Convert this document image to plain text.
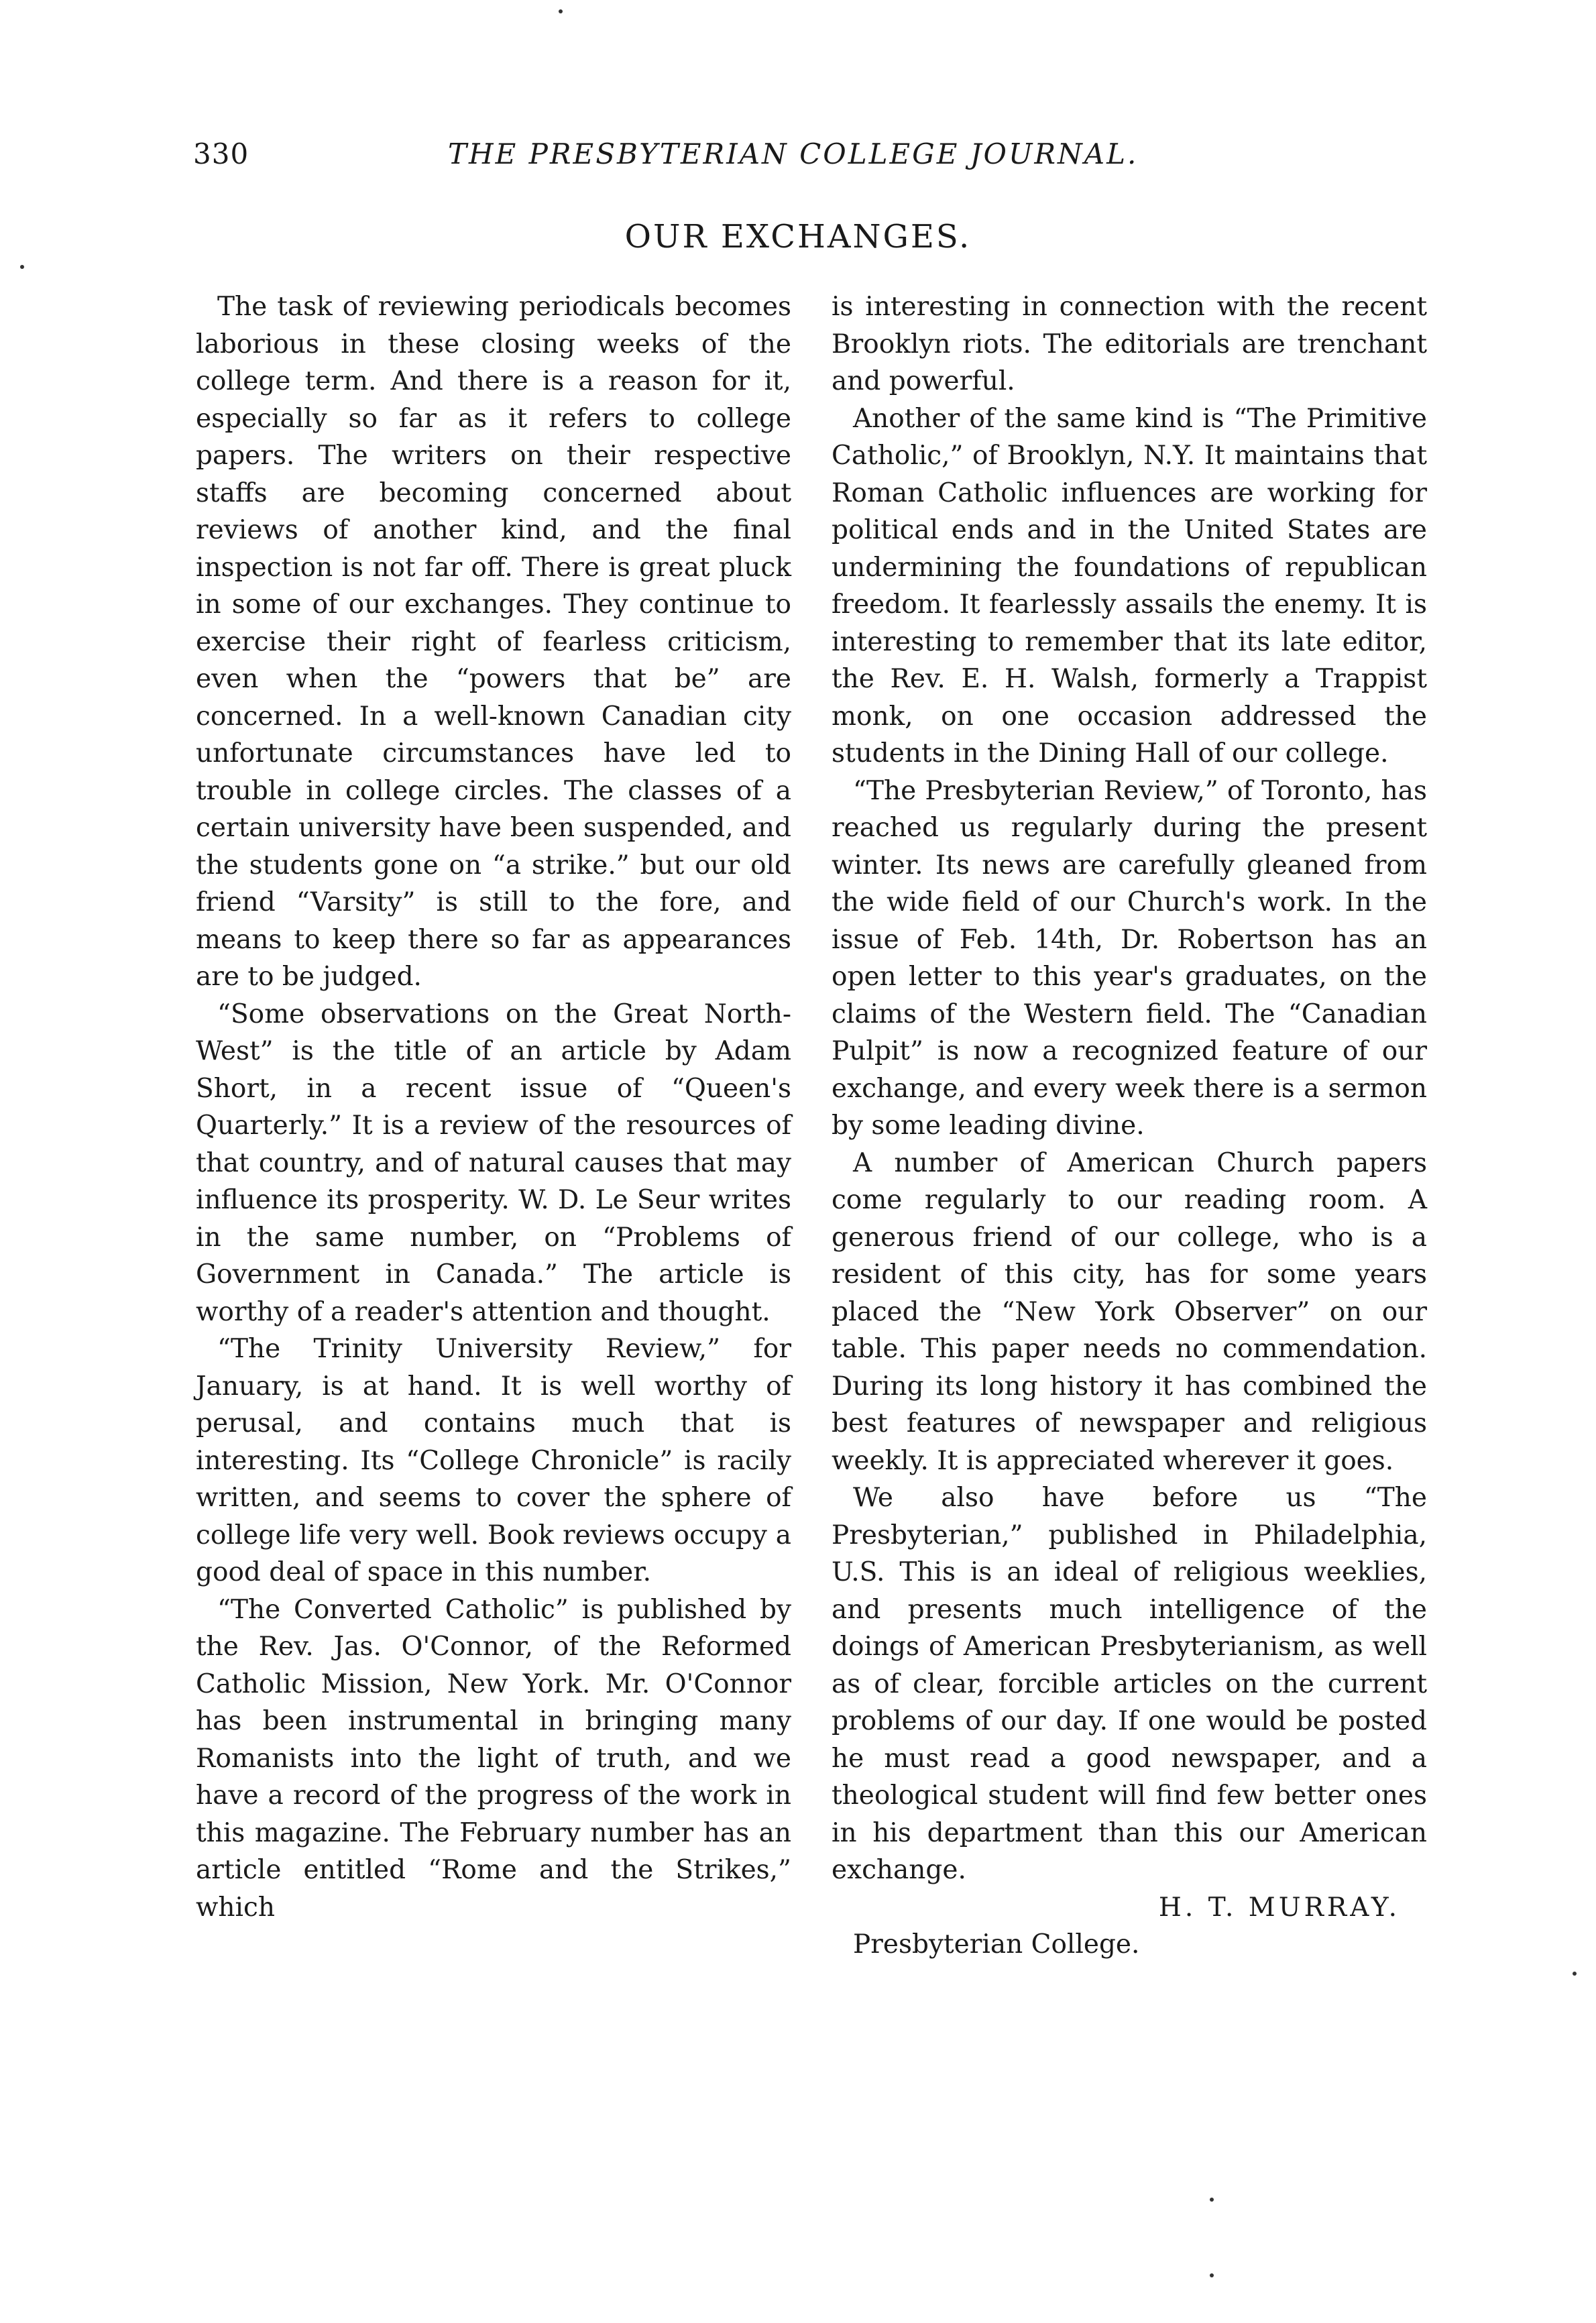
330	THE PRESBYTERIAN COLLEGE JOURNAL.
OUR EXCHANGES.

The task of reviewing periodicals becomes laborious in these closing weeks of the college term. And there is a reason for it, especially so far as it refers to college papers. The writers on their respective staffs are becoming concerned about reviews of another kind, and the final inspection is not far off. There is great pluck in some of our exchanges. They continue to exercise their right of fearless criticism, even when the “powers that be” are concerned. In a well-known Canadian city unfortunate circumstances have led to trouble in college circles. The classes of a certain university have been suspended, and the students gone on “a strike.” but our old friend “Varsity” is still to the fore, and means to keep there so far as appearances are to be judged.

“Some observations on the Great North-West” is the title of an article by Adam Short, in a recent issue of “Queen's Quarterly.” It is a review of the resources of that country, and of natural causes that may influence its prosperity. W. D. Le Seur writes in the same number, on “Problems of Government in Canada.” The article is worthy of a reader's attention and thought.

“The Trinity University Review,” for January, is at hand. It is well worthy of perusal, and contains much that is interesting. Its “College Chronicle” is racily written, and seems to cover the sphere of college life very well. Book reviews occupy a good deal of space in this number.

“The Converted Catholic” is published by the Rev. Jas. O'Connor, of the Reformed Catholic Mission, New York. Mr. O'Connor has been instrumental in bringing many Romanists into the light of truth, and we have a record of the progress of the work in this magazine. The February number has an article entitled “Rome and the Strikes,” which

is interesting in connection with the recent Brooklyn riots. The editorials are trenchant and powerful.

Another of the same kind is “The Primitive Catholic,” of Brooklyn, N.Y. It maintains that Roman Catholic influences are working for political ends and in the United States are undermining the foundations of republican freedom. It fearlessly assails the enemy. It is interesting to remember that its late editor, the Rev. E. H. Walsh, formerly a Trappist monk, on one occasion addressed the students in the Dining Hall of our college.

“The Presbyterian Review,” of Toronto, has reached us regularly during the present winter. Its news are carefully gleaned from the wide field of our Church's work. In the issue of Feb. 14th, Dr. Robertson has an open letter to this year's graduates, on the claims of the Western field. The “Canadian Pulpit” is now a recognized feature of our exchange, and every week there is a sermon by some leading divine.

A number of American Church papers come regularly to our reading room. A generous friend of our college, who is a resident of this city, has for some years placed the “New York Observer” on our table. This paper needs no commendation. During its long history it has combined the best features of newspaper and religious weekly. It is appreciated wherever it goes.

We also have before us “The Presbyterian,” published in Philadelphia, U.S. This is an ideal of religious weeklies, and presents much intelligence of the doings of American Presbyterianism, as well as of clear, forcible articles on the current problems of our day. If one would be posted he must read a good newspaper, and a theological student will find few better ones in his department than this our American exchange.

H. T. MURRAY.

Presbyterian College.
